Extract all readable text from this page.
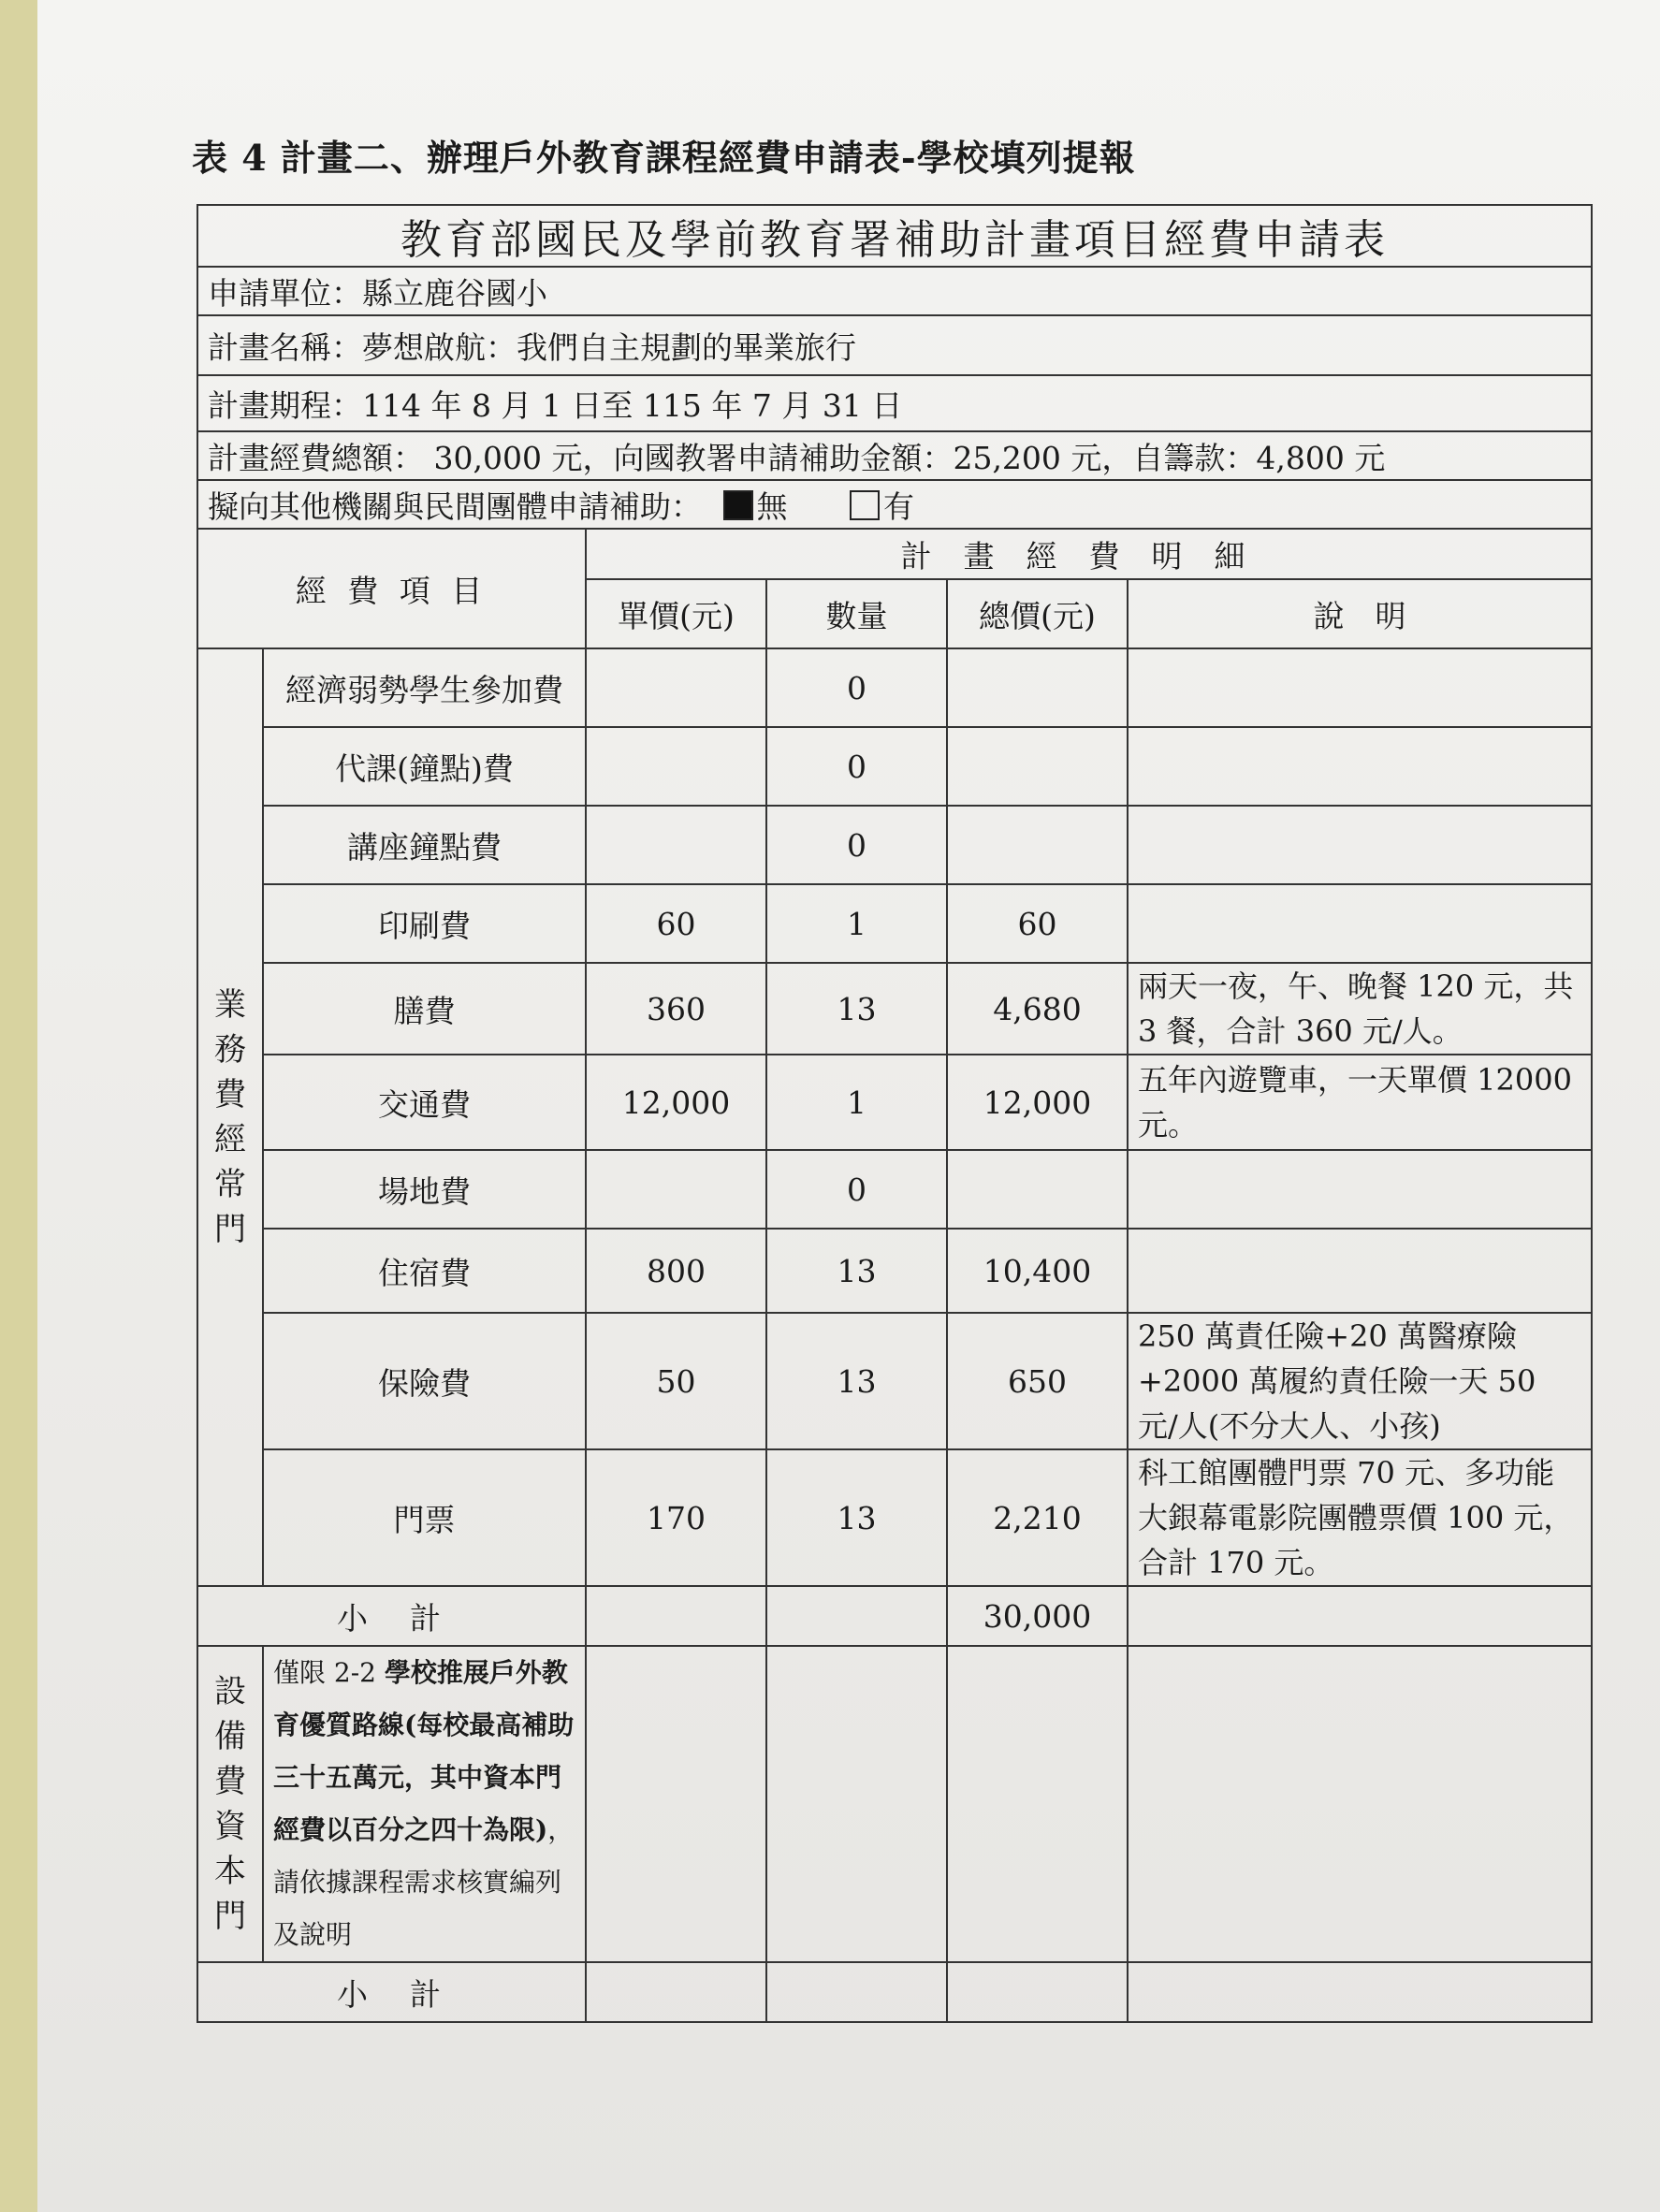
表 4 計畫二、辦理戶外教育課程經費申請表-學校填列提報
教育部國民及學前教育署補助計畫項目經費申請表					
申請單位：縣立鹿谷國小					
計畫名稱：夢想啟航：我們自主規劃的畢業旅行					
計畫期程：114 年 8 月 1 日至 115 年 7 月 31 日					
計畫經費總額： 30,000 元，向國教署申請補助金額：25,200 元，自籌款：4,800 元					
擬向其他機關與民間團體申請補助： 無 有					
經 費 項 目		計畫經費明細			
		單價(元)	數量	總價(元)	說　明
業務費經常門	經濟弱勢學生參加費		0		
	代課(鐘點)費		0		
	講座鐘點費		0		
	印刷費	60	1	60	
	膳費	360	13	4,680	兩天一夜，午、晚餐 120 元，共 3 餐，合計 360 元/人。
	交通費	12,000	1	12,000	五年內遊覽車，一天單價 12000 元。
	場地費		0		
	住宿費	800	13	10,400	
	保險費	50	13	650	250 萬責任險+20 萬醫療險+2000 萬履約責任險一天 50 元/人(不分大人、小孩)
	門票	170	13	2,210	科工館團體門票 70 元、多功能大銀幕電影院團體票價 100 元，合計 170 元。
小　計				30,000	
設備費資本門	僅限 2-2 學校推展戶外教育優質路線(每校最高補助三十五萬元，其中資本門經費以百分之四十為限)，請依據課程需求核實編列及說明				
小　計					
